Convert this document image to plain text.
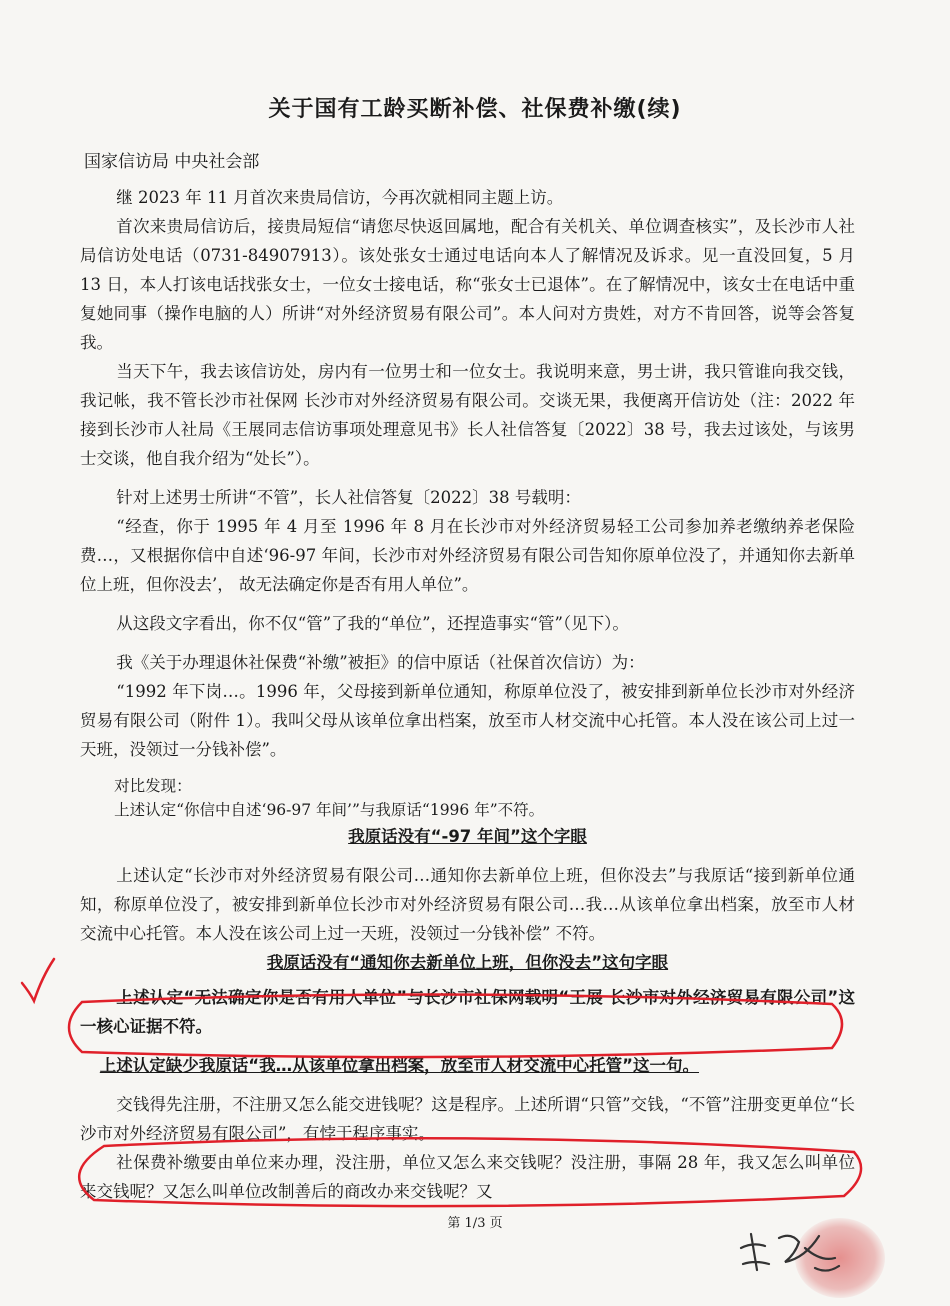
关于国有工龄买断补偿、社保费补缴(续)
国家信访局 中央社会部

继 2023 年 11 月首次来贵局信访，今再次就相同主题上访。

首次来贵局信访后，接贵局短信“请您尽快返回属地，配合有关机关、单位调查核实”，及长沙市人社局信访处电话（0731-84907913）。该处张女士通过电话向本人了解情况及诉求。见一直没回复，5 月 13 日，本人打该电话找张女士，一位女士接电话，称“张女士已退体”。在了解情况中，该女士在电话中重复她同事（操作电脑的人）所讲“对外经济贸易有限公司”。本人问对方贵姓，对方不肯回答，说等会答复我。

当天下午，我去该信访处，房内有一位男士和一位女士。我说明来意，男士讲，我只管谁向我交钱，我记帐，我不管长沙市社保网 长沙市对外经济贸易有限公司。交谈无果，我便离开信访处（注：2022 年接到长沙市人社局《王展同志信访事项处理意见书》长人社信答复〔2022〕38 号，我去过该处，与该男士交谈，他自我介绍为“处长”）。

针对上述男士所讲“不管”，长人社信答复〔2022〕38 号载明：

“经查，你于 1995 年 4 月至 1996 年 8 月在长沙市对外经济贸易轻工公司参加养老缴纳养老保险费…，又根据你信中自述‘96-97 年间，长沙市对外经济贸易有限公司告知你原单位没了，并通知你去新单位上班，但你没去’， 故无法确定你是否有用人单位”。

从这段文字看出，你不仅“管”了我的“单位”，还捏造事实“管”（见下）。

我《关于办理退休社保费“补缴”被拒》的信中原话（社保首次信访）为：

“1992 年下岗…。1996 年，父母接到新单位通知，称原单位没了，被安排到新单位长沙市对外经济贸易有限公司（附件 1）。我叫父母从该单位拿出档案，放至市人材交流中心托管。本人没在该公司上过一天班，没领过一分钱补偿”。

对比发现：

上述认定“你信中自述‘96-97 年间’”与我原话“1996 年”不符。

我原话没有“-97 年间”这个字眼

上述认定“长沙市对外经济贸易有限公司…通知你去新单位上班，但你没去”与我原话“接到新单位通知，称原单位没了，被安排到新单位长沙市对外经济贸易有限公司…我…从该单位拿出档案，放至市人材交流中心托管。本人没在该公司上过一天班，没领过一分钱补偿” 不符。

我原话没有“通知你去新单位上班，但你没去”这句字眼

上述认定“无法确定你是否有用人单位”与长沙市社保网载明“王展 长沙市对外经济贸易有限公司”这一核心证据不符。

上述认定缺少我原话“我…从该单位拿出档案，放至市人材交流中心托管”这一句。

交钱得先注册，不注册又怎么能交进钱呢？这是程序。上述所谓“只管”交钱，“不管”注册变更单位“长沙市对外经济贸易有限公司”，有悖于程序事实。

社保费补缴要由单位来办理，没注册，单位又怎么来交钱呢？没注册，事隔 28 年，我又怎么叫单位来交钱呢？又怎么叫单位改制善后的商改办来交钱呢？又

第 1/3 页
